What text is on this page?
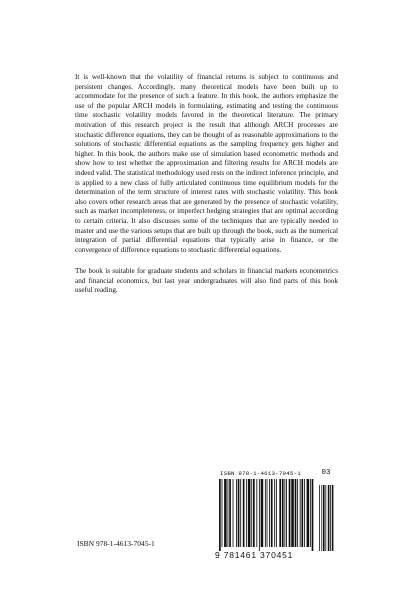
It is well-known that the volatility of financial returns is subject to continuous and persistent changes. Accordingly, many theoretical models have been built up to accommodate for the presence of such a feature. In this book, the authors emphasize the use of the popular ARCH models in formulating, estimating and testing the continuous time stochastic volatility models favored in the theoretical literature. The primary motivation of this research project is the result that although ARCH processes are stochastic difference equations, they can be thought of as reasonable approximations to the solutions of stochastic differential equations as the sampling frequency gets higher and higher. In this book, the authors make use of simulation based econometric methods and show how to test whether the approximation and filtering results for ARCH models are indeed valid. The statistical methodology used rests on the indirect inference principle, and is applied to a new class of fully articulated continuous time equilibrium models for the determination of the term structure of interest rates with stochastic volatility. This book also covers other research areas that are generated by the presence of stochastic volatility, such as market incompleteness, or imperfect hedging strategies that are optimal according to certain criteria. It also discusses some of the techniques that are typically needed to master and use the various setups that are built up through the book, such as the numerical integration of partial differential equations that typically arise in finance, or the convergence of difference equations to stochastic differential equations.

The book is suitable for graduate students and scholars in financial markets econometrics and financial economics, but last year undergraduates will also find parts of this book useful reading.

ISBN 978-1-4613-7045-1	03
9 781461 370451
ISBN 978-1-4613-7045-1
